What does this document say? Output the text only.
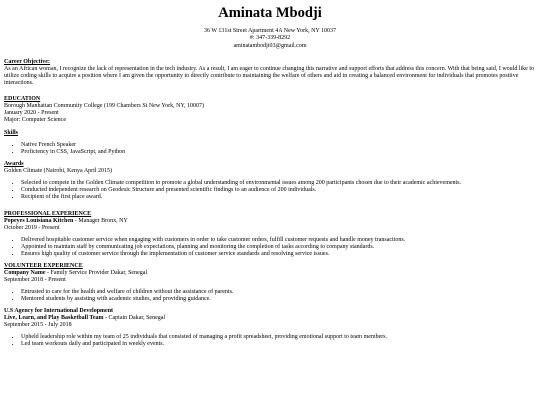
Aminata Mbodji
36 W 131st Street Apartment 4A New York, NY 10037
#: 347-339-8292
aminatambodji03@gmail.com
Career Objective:

As an African woman, I recognize the lack of representation in the tech industry. As a result, I am eager to continue changing this narrative and support efforts that address this concern. With that being said, I would like to utilize coding skills to acquire a position where I am given the opportunity to directly contribute to maintaining the welfare of others and aid in creating a balanced environment for individuals that promotes positive interactions.

EDUCATION
Borough Manhattan Community College (199 Chambers St New York, NY, 10007)
January 2020 - Present
Major: Computer Science
Skills
• Native French Speaker
• Proficiency in CSS, JavaScript, and Python
Awards
Golden Climate (Nairobi, Kenya April 2015)
• Selected to compete in the Golden Climate competition to promote a global understanding of environmental issues among 200 participants chosen due to their academic achievements.
• Conducted independent research on Geodesic Structure and presented scientific findings to an audience of 200 individuals.
• Recipient of the first place award.
PROFESSIONAL EXPERIENCE
Popeyes Louisiana Kitchen - Manager Bronx, NY
October 2019 - Present
• Delivered hospitable customer service when engaging with customers in order to take customer orders, fulfill customer requests and handle money transactions.
• Appointed to maintain staff by communicating job expectations, planning and monitoring the completion of tasks according to company standards.
• Ensures high quality of customer service through the implementation of customer service standards and resolving service issues.
VOLUNTEER EXPERIENCE
Company Name - Family Service Provider Dakar, Senegal
September 2018 - Present
• Entrusted to care for the health and welfare of children without the assistance of parents.
• Mentored students by assisting with academic studies, and providing guidance.
U.S Agency for International Development
Live, Learn, and Play Basketball Team - Captain Dakar, Senegal
September 2015 - July 2018
• Upheld leadership role within my team of 25 individuals that consisted of managing a profit spreadsheet, providing emotional support to team members.
• Led team workouts daily and participated in weekly events.
